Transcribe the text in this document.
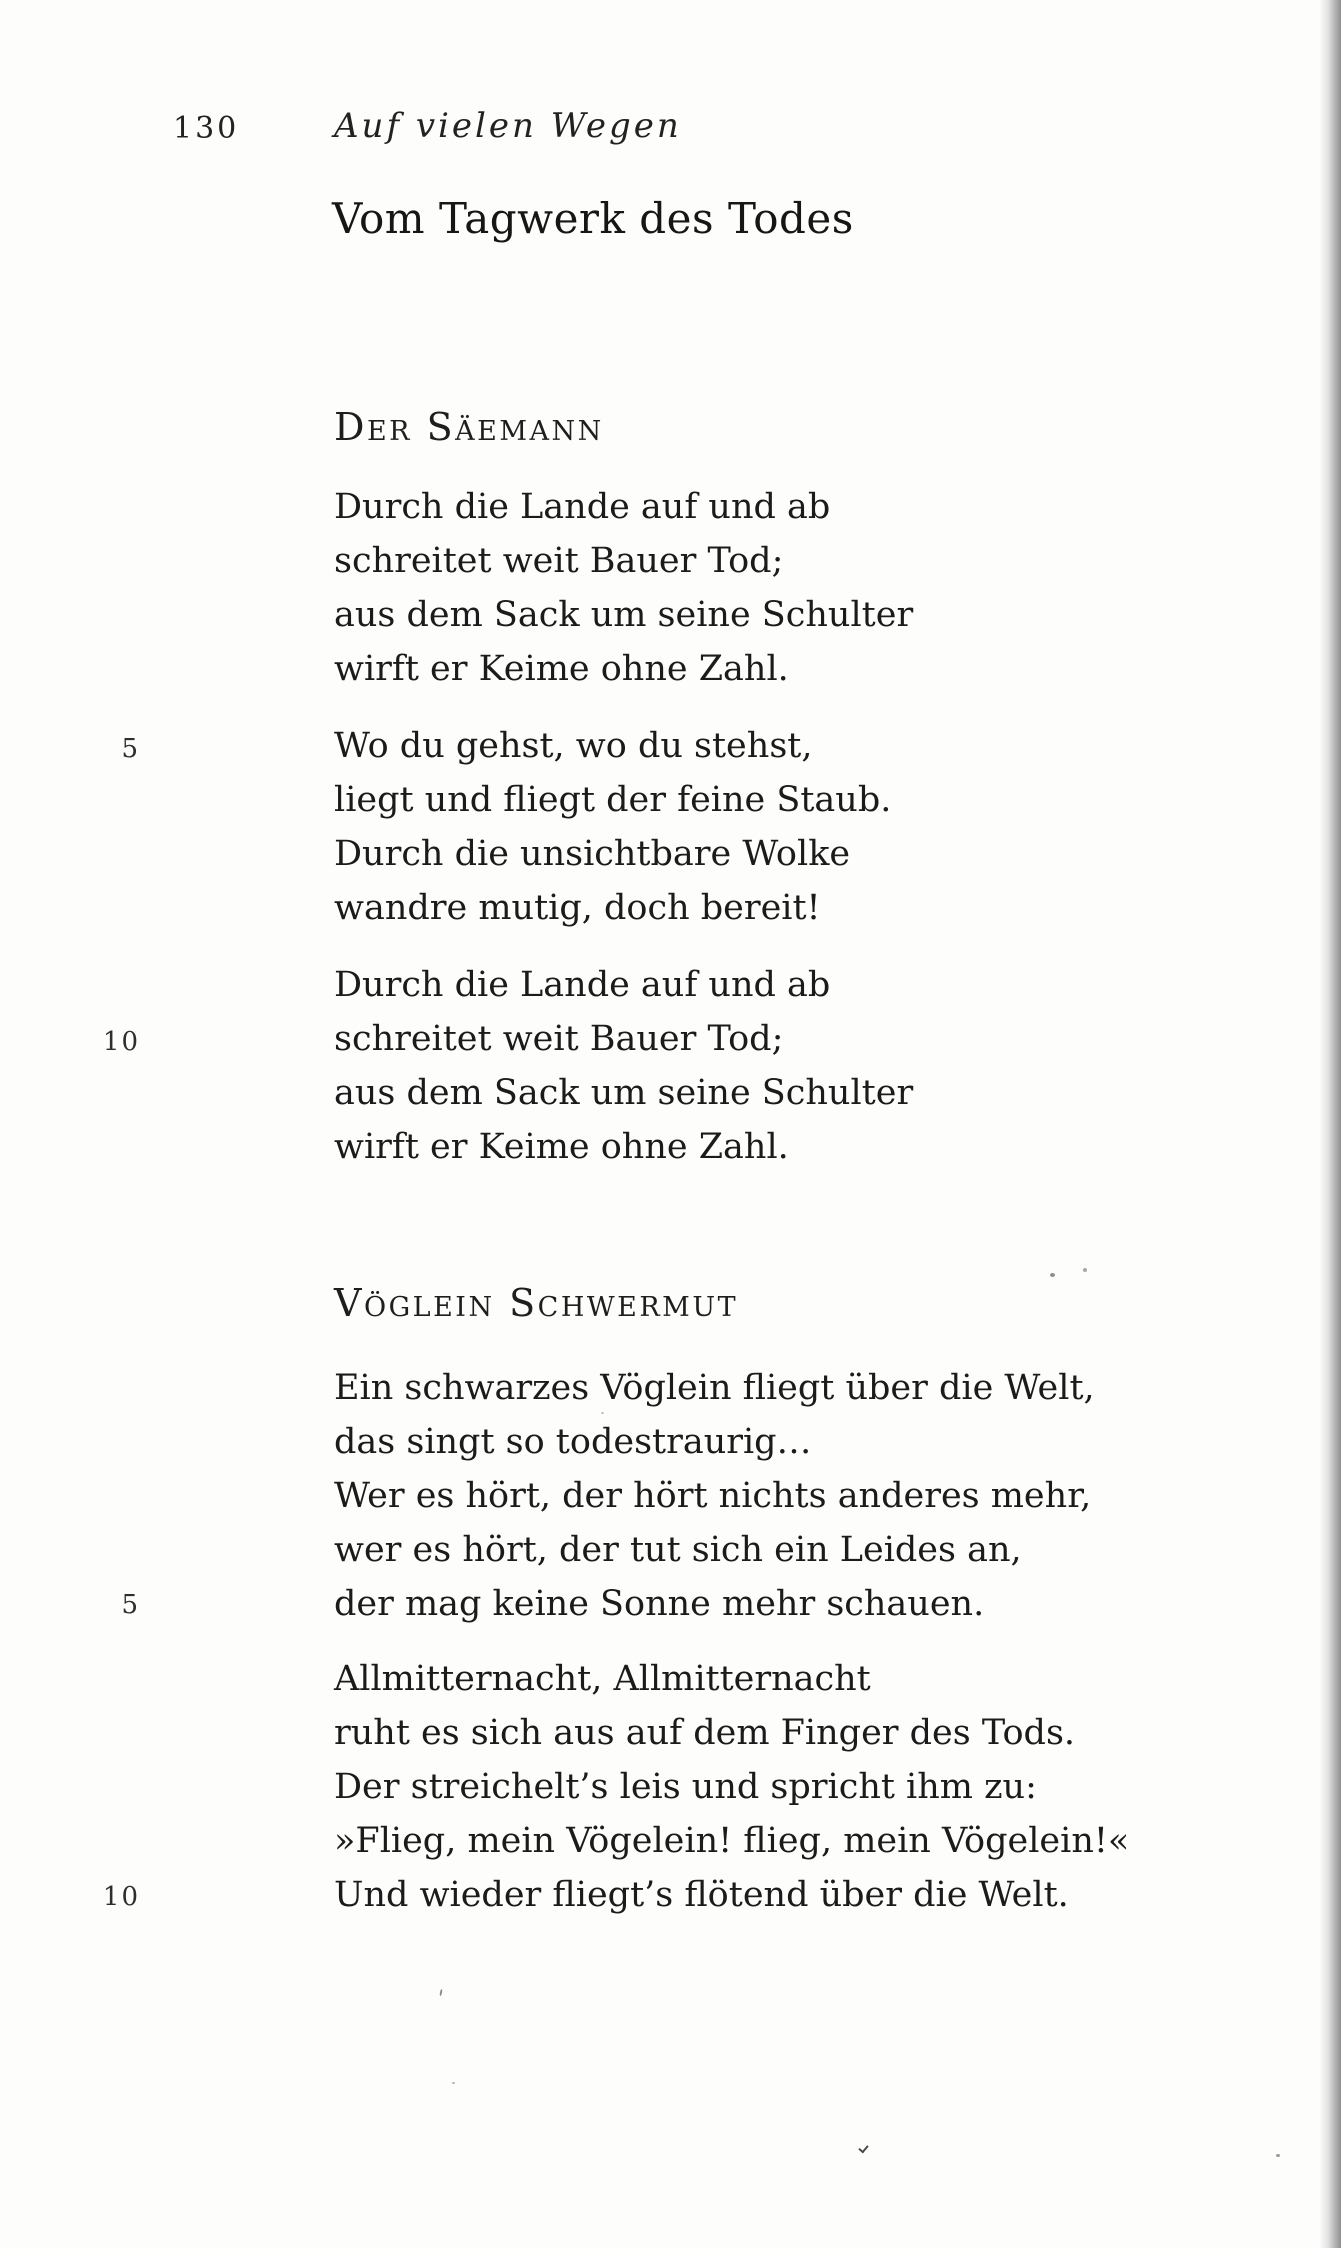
130	Auf vielen Wegen
Vom Tagwerk des Todes
Der Säemann
Durch die Lande auf und ab
schreitet weit Bauer Tod;
aus dem Sack um seine Schulter
wirft er Keime ohne Zahl.
Wo du gehst, wo du stehst,
liegt und fliegt der feine Staub.
Durch die unsichtbare Wolke
wandre mutig, doch bereit!
Durch die Lande auf und ab
schreitet weit Bauer Tod;
aus dem Sack um seine Schulter
wirft er Keime ohne Zahl.
5
10
Vöglein Schwermut
Ein schwarzes Vöglein fliegt über die Welt,
das singt so todestraurig…
Wer es hört, der hört nichts anderes mehr,
wer es hört, der tut sich ein Leides an,
der mag keine Sonne mehr schauen.
Allmitternacht, Allmitternacht
ruht es sich aus auf dem Finger des Tods.
Der streichelt’s leis und spricht ihm zu:
»Flieg, mein Vögelein! flieg, mein Vögelein!«
Und wieder fliegt’s flötend über die Welt.
5
10
